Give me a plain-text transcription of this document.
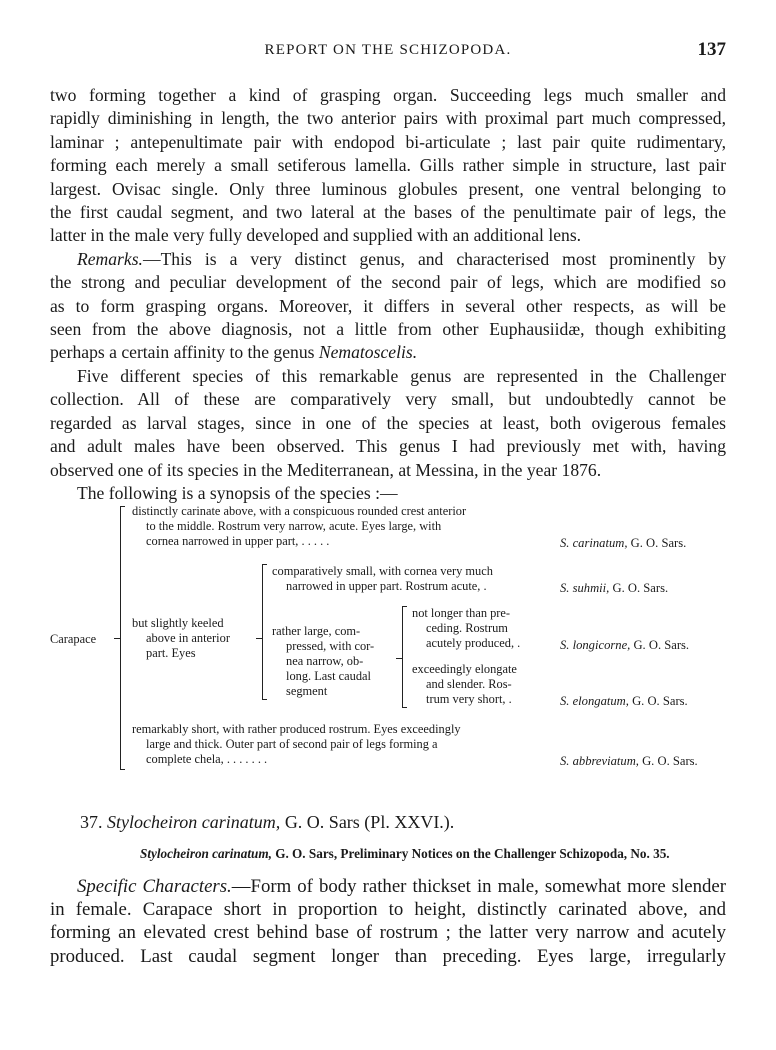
REPORT ON THE SCHIZOPODA.	137

two forming together a kind of grasping organ. Succeeding legs much smaller and
rapidly diminishing in length, the two anterior pairs with proximal part much compressed,
laminar ; antepenultimate pair with endopod bi-articulate ; last pair quite rudimentary,
forming each merely a small setiferous lamella. Gills rather simple in structure, last pair
largest. Ovisac single. Only three luminous globules present, one ventral belonging to
the first caudal segment, and two lateral at the bases of the penultimate pair of legs, the
latter in the male very fully developed and supplied with an additional lens.

Remarks.—This is a very distinct genus, and characterised most prominently by
the strong and peculiar development of the second pair of legs, which are modified so
as to form grasping organs. Moreover, it differs in several other respects, as will be
seen from the above diagnosis, not a little from other Euphausiidæ, though exhibiting
perhaps a certain affinity to the genus Nematoscelis.

Five different species of this remarkable genus are represented in the Challenger
collection. All of these are comparatively very small, but undoubtedly cannot be
regarded as larval stages, since in one of the species at least, both ovigerous females
and adult males have been observed. This genus I had previously met with, having
observed one of its species in the Mediterranean, at Messina, in the year 1876.

The following is a synopsis of the species :—

Carapace
distinctly carinate above, with a conspicuous rounded crest anterior
to the middle. Rostrum very narrow, acute. Eyes large, with
cornea narrowed in upper part, . . . . .
but slightly keeled
above in anterior
part. Eyes
comparatively small, with cornea very much
narrowed in upper part. Rostrum acute, .
rather large, com-
pressed, with cor-
nea narrow, ob-
long. Last caudal
segment
not longer than pre-
ceding. Rostrum
acutely produced, .
exceedingly elongate
and slender. Ros-
trum very short, .
remarkably short, with rather produced rostrum. Eyes exceedingly
large and thick. Outer part of second pair of legs forming a
complete chela, . . . . . . .
S. carinatum, G. O. Sars.
S. suhmii, G. O. Sars.
S. longicorne, G. O. Sars.
S. elongatum, G. O. Sars.
S. abbreviatum, G. O. Sars.
37. Stylocheiron carinatum, G. O. Sars (Pl. XXVI.).
Stylocheiron carinatum, G. O. Sars, Preliminary Notices on the Challenger Schizopoda, No. 35.

Specific Characters.—Form of body rather thickset in male, somewhat more slender
in female. Carapace short in proportion to height, distinctly carinated above, and
forming an elevated crest behind base of rostrum ; the latter very narrow and acutely
produced. Last caudal segment longer than preceding. Eyes large, irregularly
